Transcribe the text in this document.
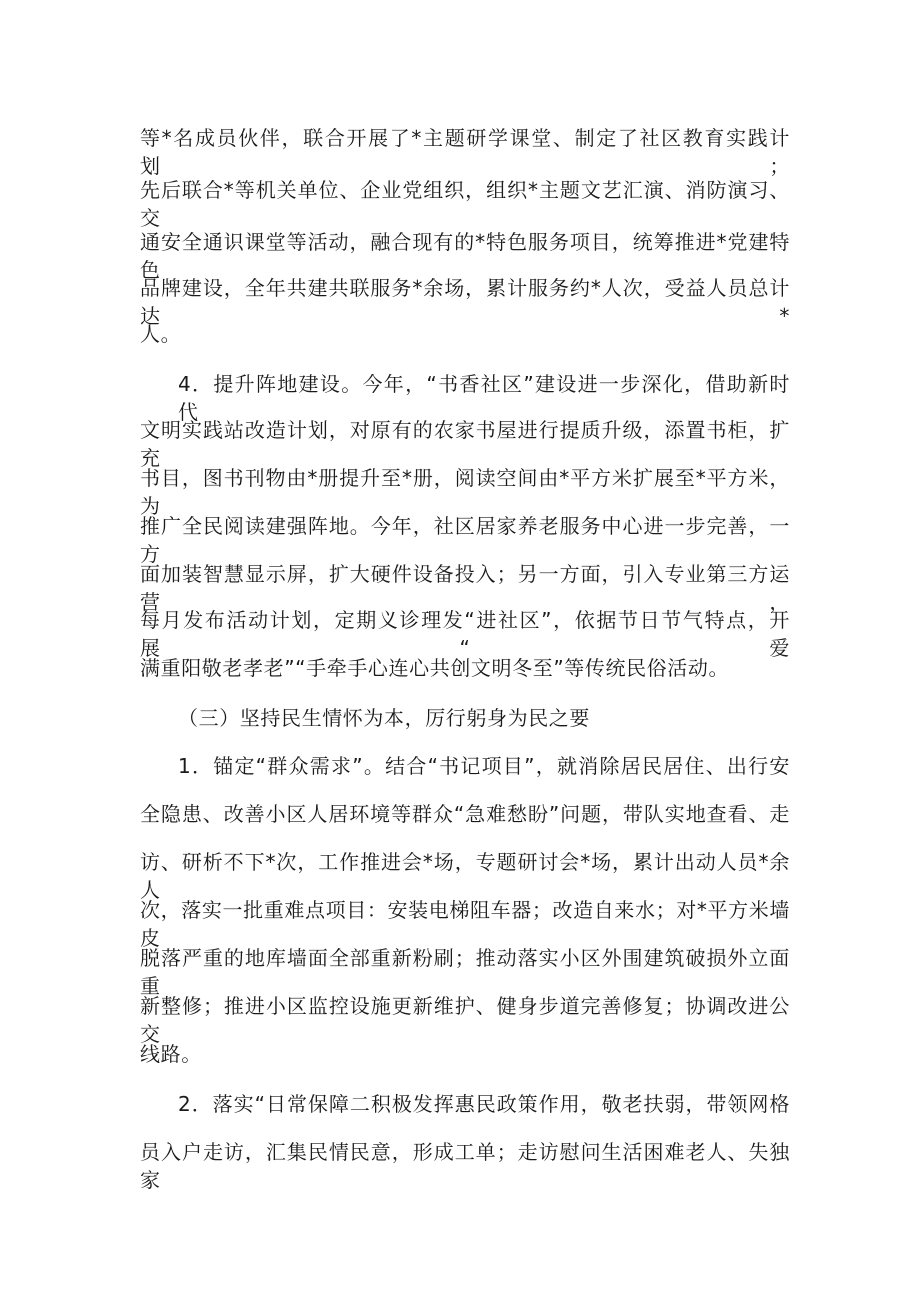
等*名成员伙伴，联合开展了*主题研学课堂、制定了社区教育实践计划；
先后联合*等机关单位、企业党组织，组织*主题文艺汇演、消防演习、交
通安全通识课堂等活动，融合现有的*特色服务项目，统筹推进*党建特色
品牌建设，全年共建共联服务*余场，累计服务约*人次，受益人员总计达*
人。
4．提升阵地建设。今年，“书香社区”建设进一步深化，借助新时代
文明实践站改造计划，对原有的农家书屋进行提质升级，添置书柜，扩充
书目，图书刊物由*册提升至*册，阅读空间由*平方米扩展至*平方米，为
推广全民阅读建强阵地。今年，社区居家养老服务中心进一步完善，一方
面加装智慧显示屏，扩大硬件设备投入；另一方面，引入专业第三方运营，
每月发布活动计划，定期义诊理发“进社区”，依据节日节气特点，开展“爱
满重阳敬老孝老”“手牵手心连心共创文明冬至”等传统民俗活动。
（三）坚持民生情怀为本，厉行躬身为民之要
1．锚定“群众需求”。结合“书记项目”，就消除居民居住、出行安
全隐患、改善小区人居环境等群众“急难愁盼”问题，带队实地查看、走
访、研析不下*次，工作推进会*场，专题研讨会*场，累计出动人员*余人
次，落实一批重难点项目：安装电梯阻车器；改造自来水；对*平方米墙皮
脱落严重的地库墙面全部重新粉刷；推动落实小区外围建筑破损外立面重
新整修；推进小区监控设施更新维护、健身步道完善修复；协调改进公交
线路。
2．落实“日常保障二积极发挥惠民政策作用，敬老扶弱，带领网格
员入户走访，汇集民情民意，形成工单；走访慰问生活困难老人、失独家
